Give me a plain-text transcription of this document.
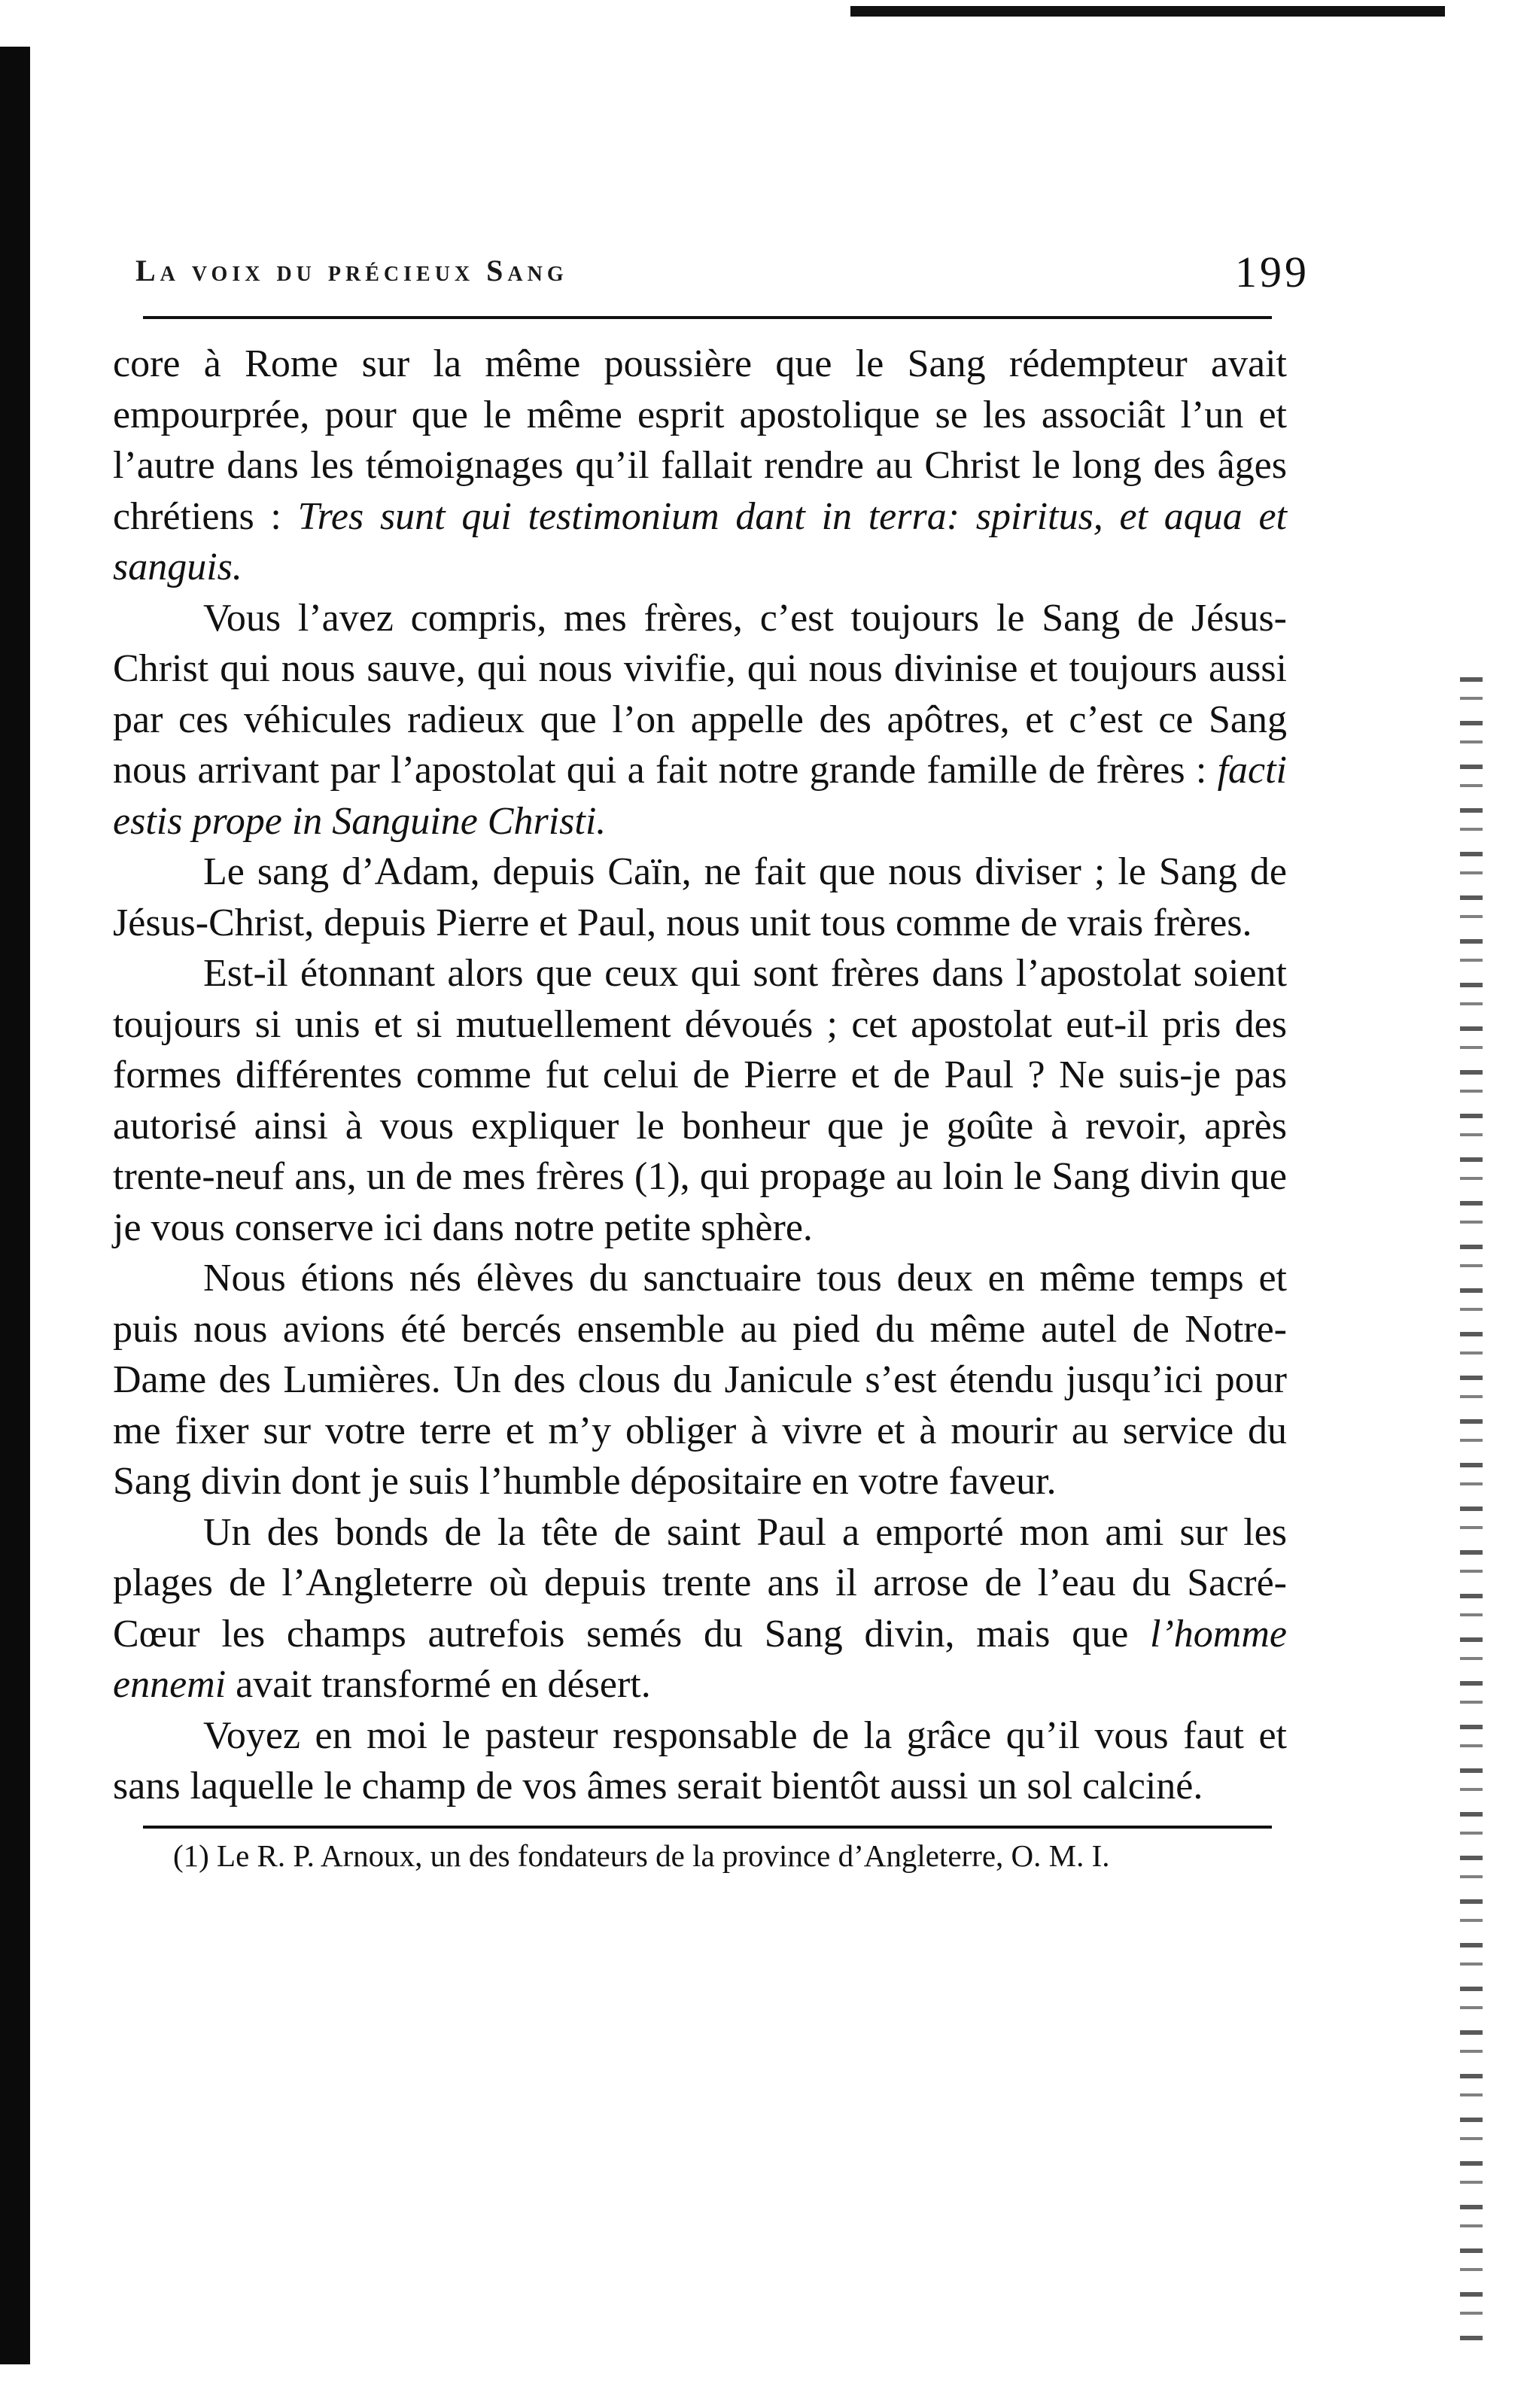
La voix du précieux Sang	199

core à Rome sur la même poussière que le Sang rédempteur avait empourprée, pour que le même esprit apostolique se les associât l’un et l’autre dans les témoignages qu’il fallait rendre au Christ le long des âges chrétiens : Tres sunt qui testimonium dant in terra: spiritus, et aqua et sanguis.

Vous l’avez compris, mes frères, c’est toujours le Sang de Jésus-Christ qui nous sauve, qui nous vivifie, qui nous divinise et toujours aussi par ces véhicules radieux que l’on appelle des apôtres, et c’est ce Sang nous arrivant par l’apostolat qui a fait notre grande famille de frères : facti estis prope in Sanguine Christi.

Le sang d’Adam, depuis Caïn, ne fait que nous diviser ; le Sang de Jésus-Christ, depuis Pierre et Paul, nous unit tous comme de vrais frères.

Est-il étonnant alors que ceux qui sont frères dans l’apostolat soient toujours si unis et si mutuellement dévoués ; cet apostolat eut-il pris des formes différentes comme fut celui de Pierre et de Paul ? Ne suis-je pas autorisé ainsi à vous expliquer le bonheur que je goûte à revoir, après trente-neuf ans, un de mes frères (1), qui propage au loin le Sang divin que je vous conserve ici dans notre petite sphère.

Nous étions nés élèves du sanctuaire tous deux en même temps et puis nous avions été bercés ensemble au pied du même autel de Notre-Dame des Lumières. Un des clous du Janicule s’est étendu jusqu’ici pour me fixer sur votre terre et m’y obliger à vivre et à mourir au service du Sang divin dont je suis l’humble dépositaire en votre faveur.

Un des bonds de la tête de saint Paul a emporté mon ami sur les plages de l’Angleterre où depuis trente ans il arrose de l’eau du Sacré-Cœur les champs autrefois semés du Sang divin, mais que l’homme ennemi avait transformé en désert.

Voyez en moi le pasteur responsable de la grâce qu’il vous faut et sans laquelle le champ de vos âmes serait bientôt aussi un sol calciné.

(1) Le R. P. Arnoux, un des fondateurs de la province d’Angleterre, O. M. I.
